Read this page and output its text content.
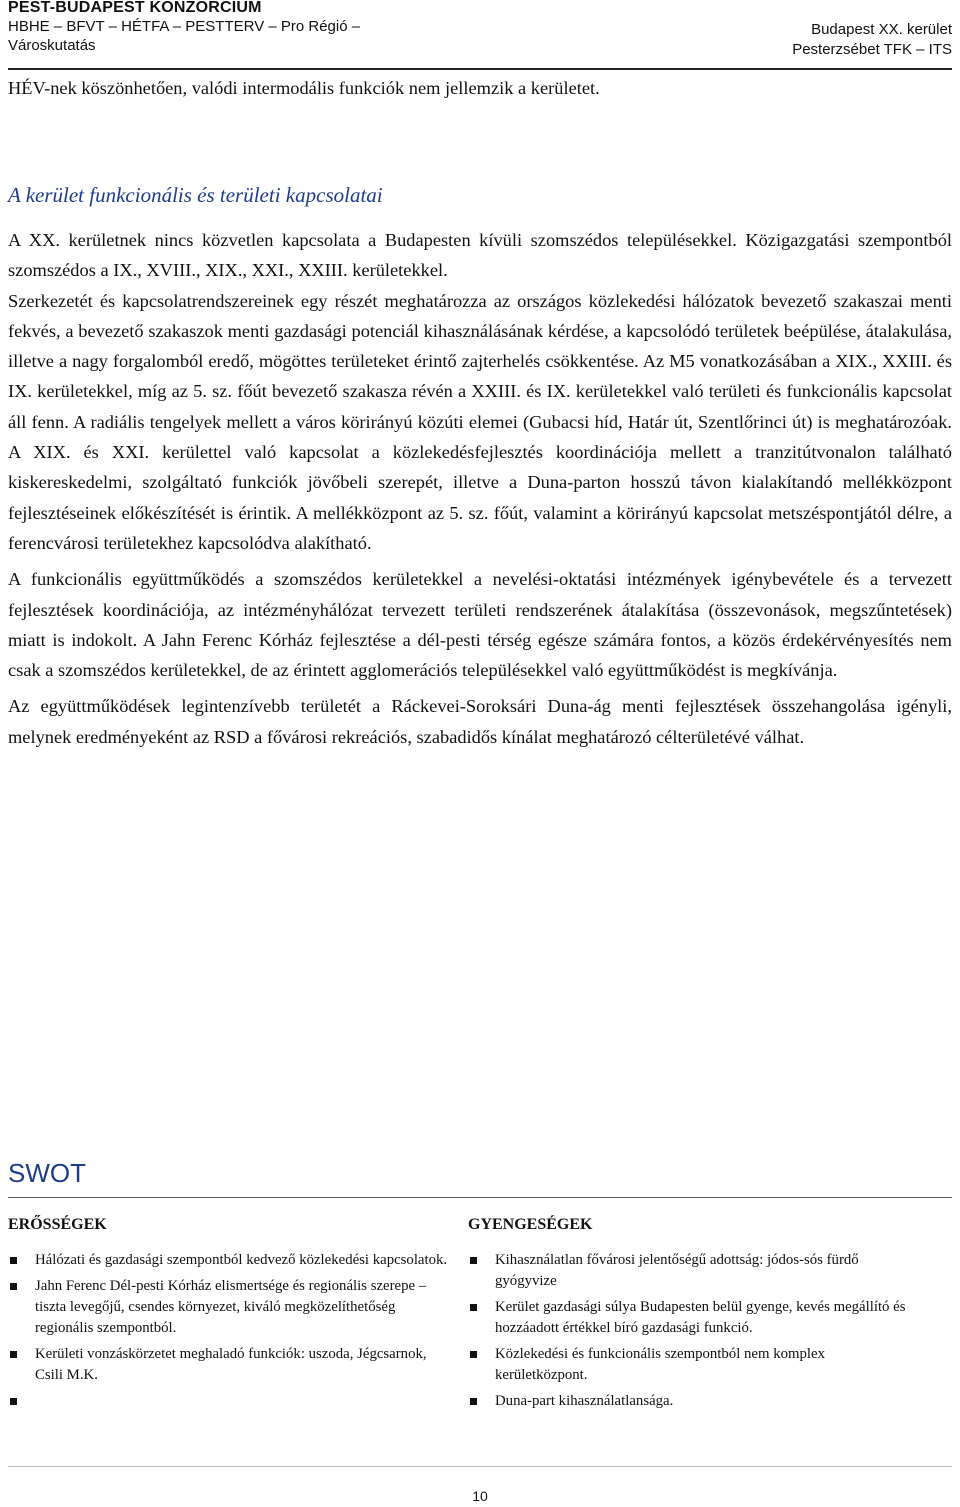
PEST-BUDAPEST KONZORCIUM
HBHE – BFVT – HÉTFA – PESTTERV – Pro Régió –
Városkutatás
Budapest XX. kerület
Pesterzsébet TFK – ITS

HÉV-nek köszönhetően, valódi intermodális funkciók nem jellemzik a kerületet.

A kerület funkcionális és területi kapcsolatai

A XX. kerületnek nincs közvetlen kapcsolata a Budapesten kívüli szomszédos településekkel. Közigazgatási szempontból szomszédos a IX., XVIII., XIX., XXI., XXIII. kerületekkel.

Szerkezetét és kapcsolatrendszereinek egy részét meghatározza az országos közlekedési hálózatok bevezető szakaszai menti fekvés, a bevezető szakaszok menti gazdasági potenciál kihasználásának kérdése, a kapcsolódó területek beépülése, átalakulása, illetve a nagy forgalomból eredő, mögöttes területeket érintő zajterhelés csökkentése. Az M5 vonatkozásában a XIX., XXIII. és IX. kerületekkel, míg az 5. sz. főút bevezető szakasza révén a XXIII. és IX. kerületekkel való területi és funkcionális kapcsolat áll fenn. A radiális tengelyek mellett a város körirányú közúti elemei (Gubacsi híd, Határ út, Szentlőrinci út) is meghatározóak. A XIX. és XXI. kerülettel való kapcsolat a közlekedésfejlesztés koordinációja mellett a tranzitútvonalon található kiskereskedelmi, szolgáltató funkciók jövőbeli szerepét, illetve a Duna-parton hosszú távon kialakítandó mellékközpont fejlesztéseinek előkészítését is érintik. A mellékközpont az 5. sz. főút, valamint a körirányú kapcsolat metszéspontjától délre, a ferencvárosi területekhez kapcsolódva alakítható.

A funkcionális együttműködés a szomszédos kerületekkel a nevelési-oktatási intézmények igénybevétele és a tervezett fejlesztések koordinációja, az intézményhálózat tervezett területi rendszerének átalakítása (összevonások, megszűntetések) miatt is indokolt. A Jahn Ferenc Kórház fejlesztése a dél-pesti térség egésze számára fontos, a közös érdekérvényesítés nem csak a szomszédos kerületekkel, de az érintett agglomerációs településekkel való együttműködést is megkívánja.

Az együttműködések legintenzívebb területét a Ráckevei-Soroksári Duna-ág menti fejlesztések összehangolása igényli, melynek eredményeként az RSD a fővárosi rekreációs, szabadidős kínálat meghatározó célterületévé válhat.

SWOT
ERŐSSÉGEK
Hálózati és gazdasági szempontból kedvező közlekedési kapcsolatok.
Jahn Ferenc Dél-pesti Kórház elismertsége és regionális szerepe – tiszta levegőjű, csendes környezet, kiváló megközelíthetőség regionális szempontból.
Kerületi vonzáskörzetet meghaladó funkciók: uszoda, Jégcsarnok, Csili M.K.
GYENGESÉGEK
Kihasználatlan fővárosi jelentőségű adottság: jódos-sós fürdő gyógyvize
Kerület gazdasági súlya Budapesten belül gyenge, kevés megállító és hozzáadott értékkel bíró gazdasági funkció.
Közlekedési és funkcionális szempontból nem komplex kerületközpont.
Duna-part kihasználatlansága.
10
